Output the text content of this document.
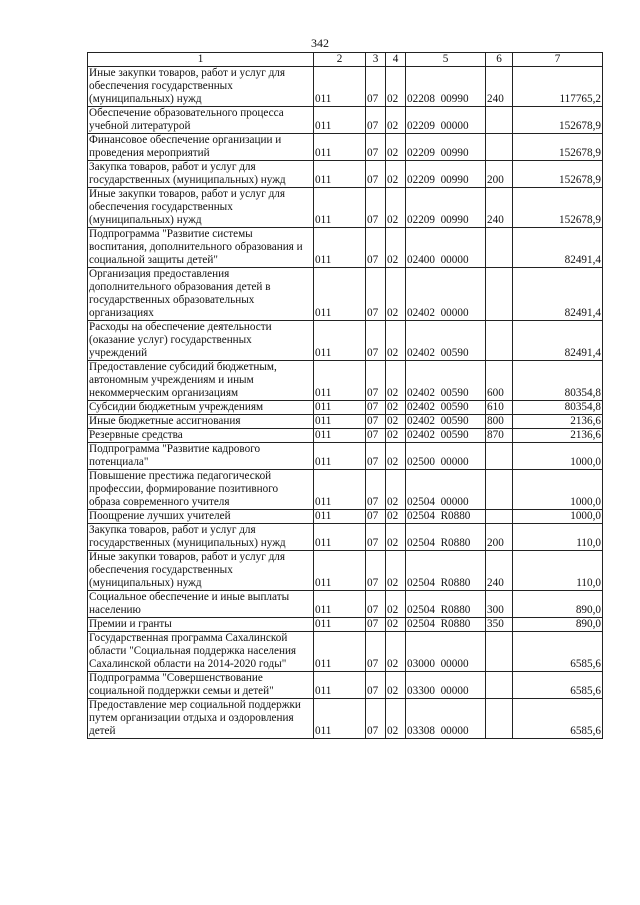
342
1	2	3	4	5	6	7
Иные закупки товаров, работ и услуг для обеспечения государственных (муниципальных) нужд	011	07	02	02208  00990	240	117765,2
Обеспечение образовательного процесса учебной литературой	011	07	02	02209  00000		152678,9
Финансовое обеспечение организации и проведения мероприятий	011	07	02	02209  00990		152678,9
Закупка товаров, работ и услуг для государственных (муниципальных) нужд	011	07	02	02209  00990	200	152678,9
Иные закупки товаров, работ и услуг для обеспечения государственных (муниципальных) нужд	011	07	02	02209  00990	240	152678,9
Подпрограмма "Развитие системы воспитания, дополнительного образования и социальной защиты детей"	011	07	02	02400  00000		82491,4
Организация предоставления дополнительного образования детей в государственных образовательных организациях	011	07	02	02402  00000		82491,4
Расходы на обеспечение деятельности (оказание услуг) государственных учреждений	011	07	02	02402  00590		82491,4
Предоставление субсидий бюджетным, автономным учреждениям и иным некоммерческим организациям	011	07	02	02402  00590	600	80354,8
Субсидии бюджетным учреждениям	011	07	02	02402  00590	610	80354,8
Иные бюджетные ассигнования	011	07	02	02402  00590	800	2136,6
Резервные средства	011	07	02	02402  00590	870	2136,6
Подпрограмма "Развитие кадрового потенциала"	011	07	02	02500  00000		1000,0
Повышение престижа педагогической профессии, формирование позитивного образа современного учителя	011	07	02	02504  00000		1000,0
Поощрение лучших учителей	011	07	02	02504  R0880		1000,0
Закупка товаров, работ и услуг для государственных (муниципальных) нужд	011	07	02	02504  R0880	200	110,0
Иные закупки товаров, работ и услуг для обеспечения государственных (муниципальных) нужд	011	07	02	02504  R0880	240	110,0
Социальное обеспечение и иные выплаты населению	011	07	02	02504  R0880	300	890,0
Премии и гранты	011	07	02	02504  R0880	350	890,0
Государственная программа Сахалинской области "Социальная поддержка населения Сахалинской области на 2014-2020 годы"	011	07	02	03000  00000		6585,6
Подпрограмма "Совершенствование социальной поддержки семьи и детей"	011	07	02	03300  00000		6585,6
Предоставление мер социальной поддержки путем организации отдыха и оздоровления детей	011	07	02	03308  00000		6585,6
